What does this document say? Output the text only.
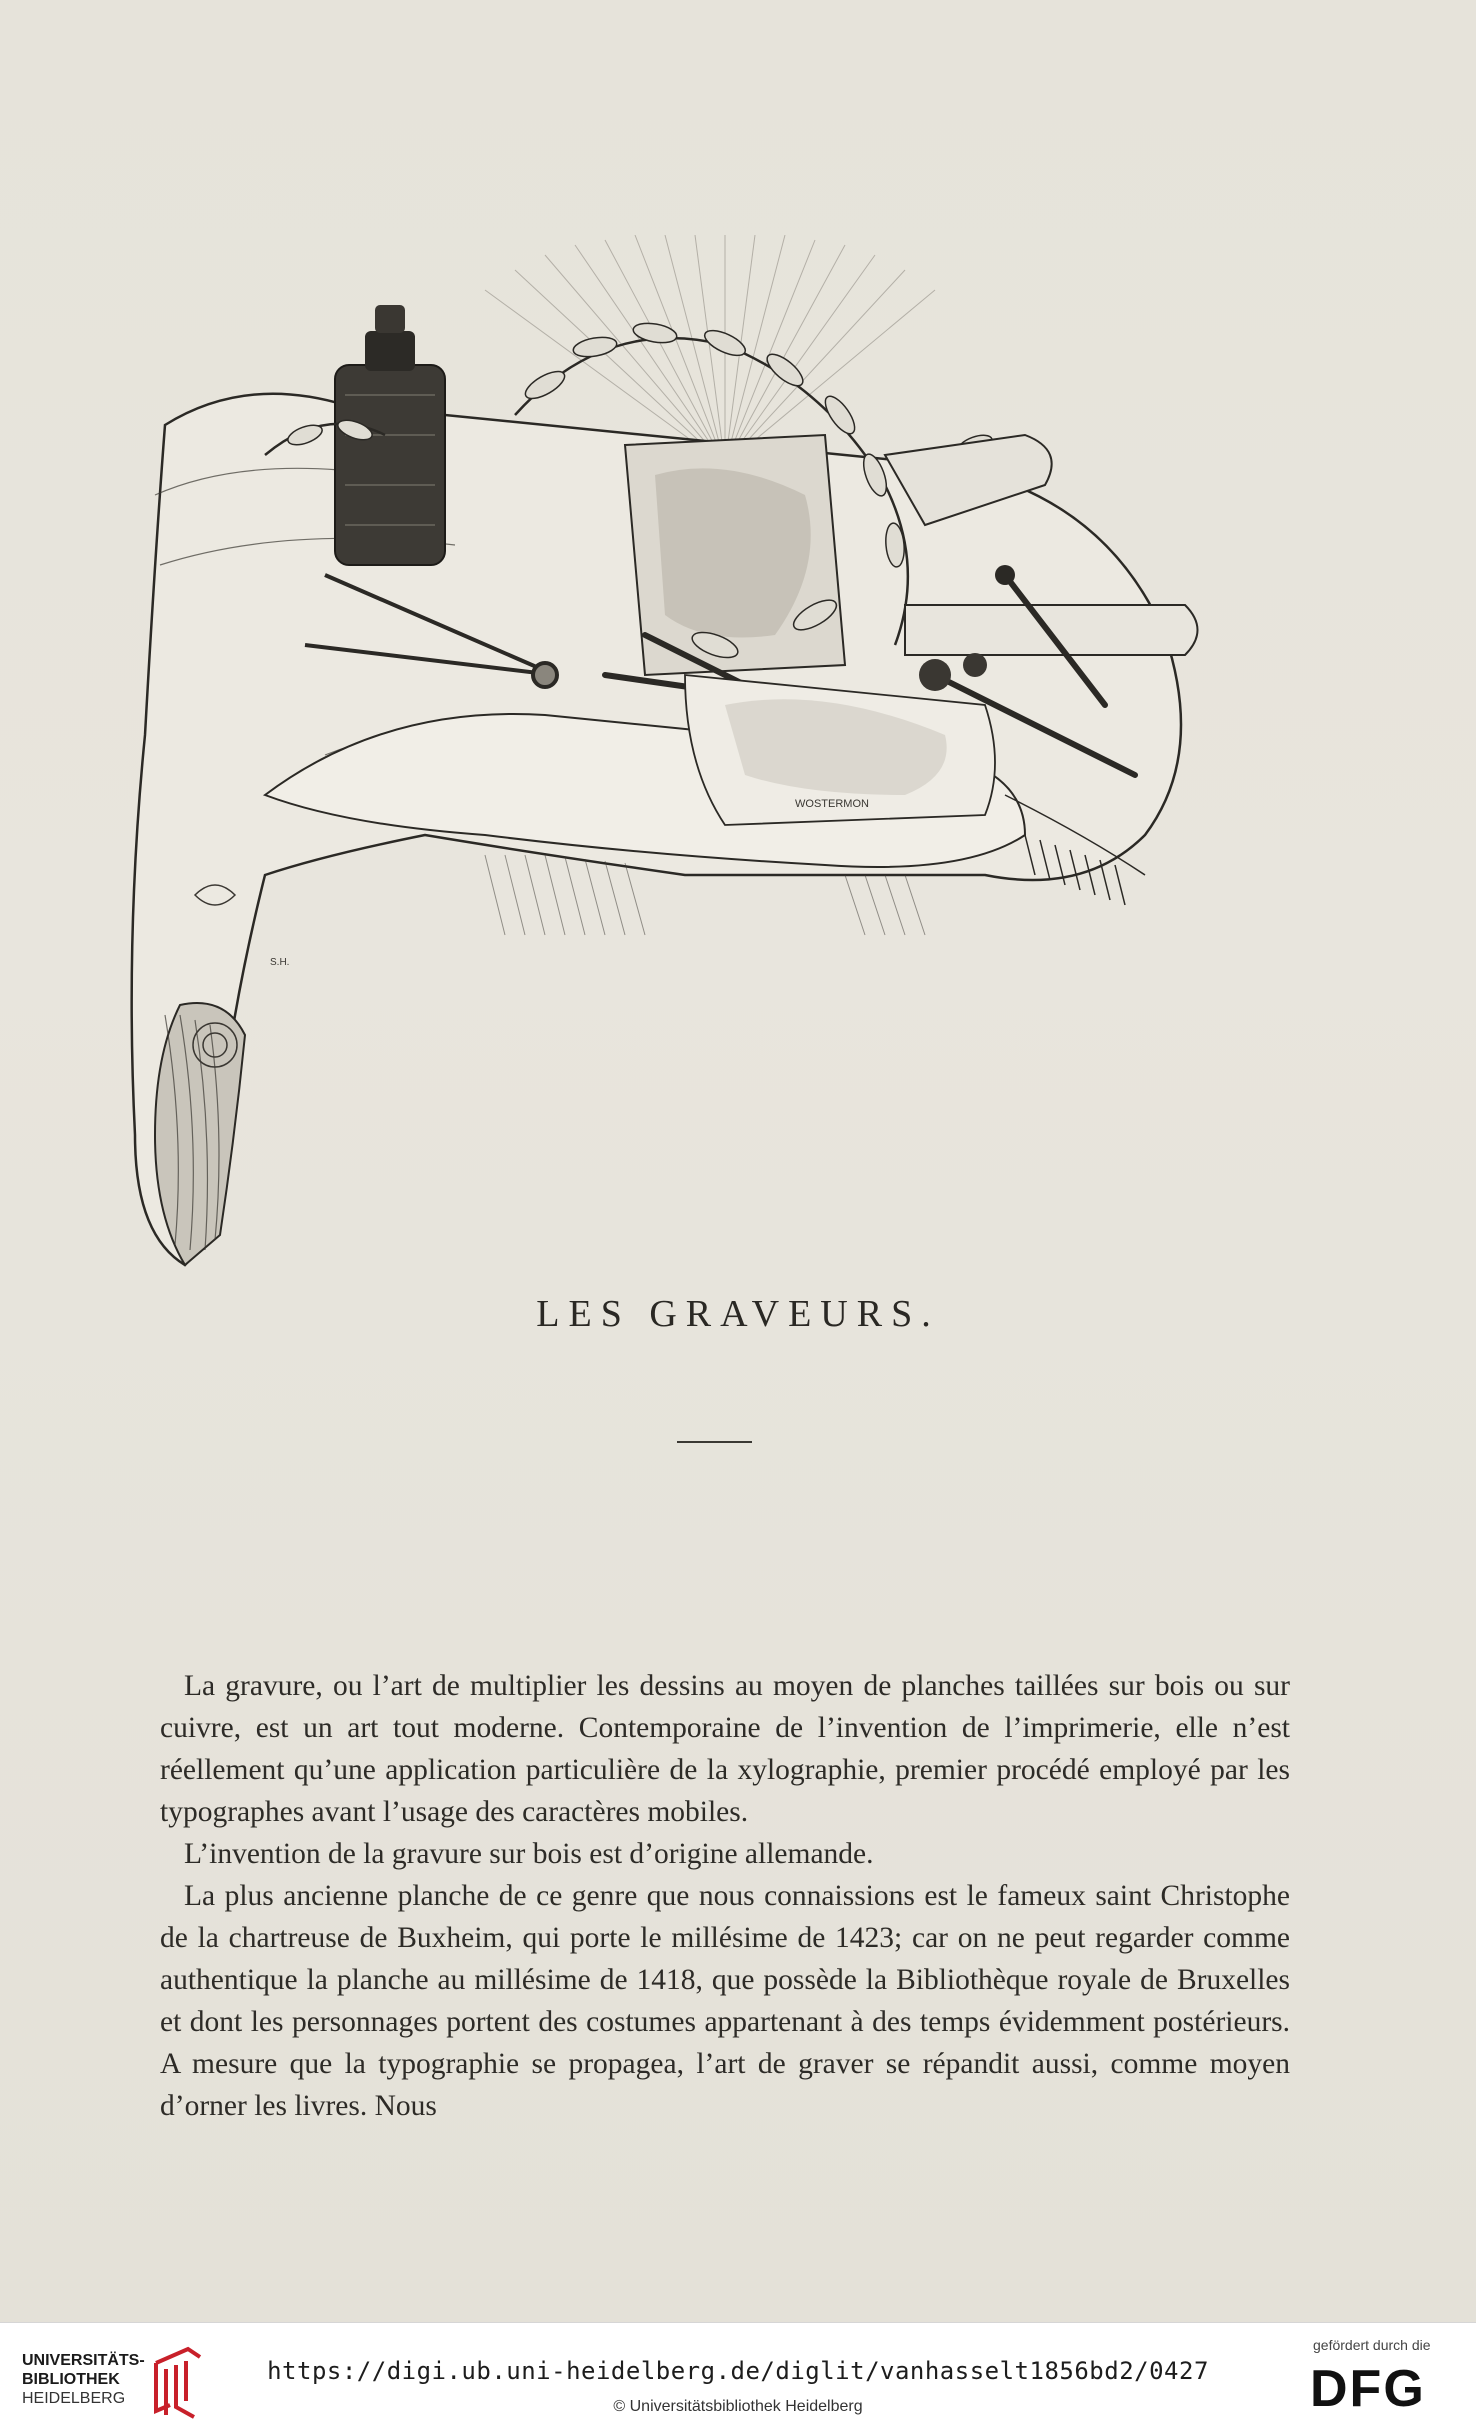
WOSTERMON
S.H.
LES GRAVEURS.

La gravure, ou l’art de multiplier les dessins au moyen de planches taillées sur bois ou sur cuivre, est un art tout moderne. Contemporaine de l’invention de l’imprimerie, elle n’est réellement qu’une application particulière de la xylographie, premier procédé employé par les typographes avant l’usage des caractères mobiles.

L’invention de la gravure sur bois est d’origine allemande.

La plus ancienne planche de ce genre que nous connaissions est le fameux saint Christophe de la chartreuse de Buxheim, qui porte le millésime de 1423; car on ne peut regarder comme authentique la planche au millésime de 1418, que possède la Bibliothèque royale de Bruxelles et dont les personnages portent des costumes appartenant à des temps évidemment postérieurs. A mesure que la typographie se propagea, l’art de graver se répandit aussi, comme moyen d’orner les livres. Nous

UNIVERSITÄTS-
BIBLIOTHEK
HEIDELBERG
https://digi.ub.uni-heidelberg.de/diglit/vanhasselt1856bd2/0427
© Universitätsbibliothek Heidelberg
gefördert durch die
DFG
